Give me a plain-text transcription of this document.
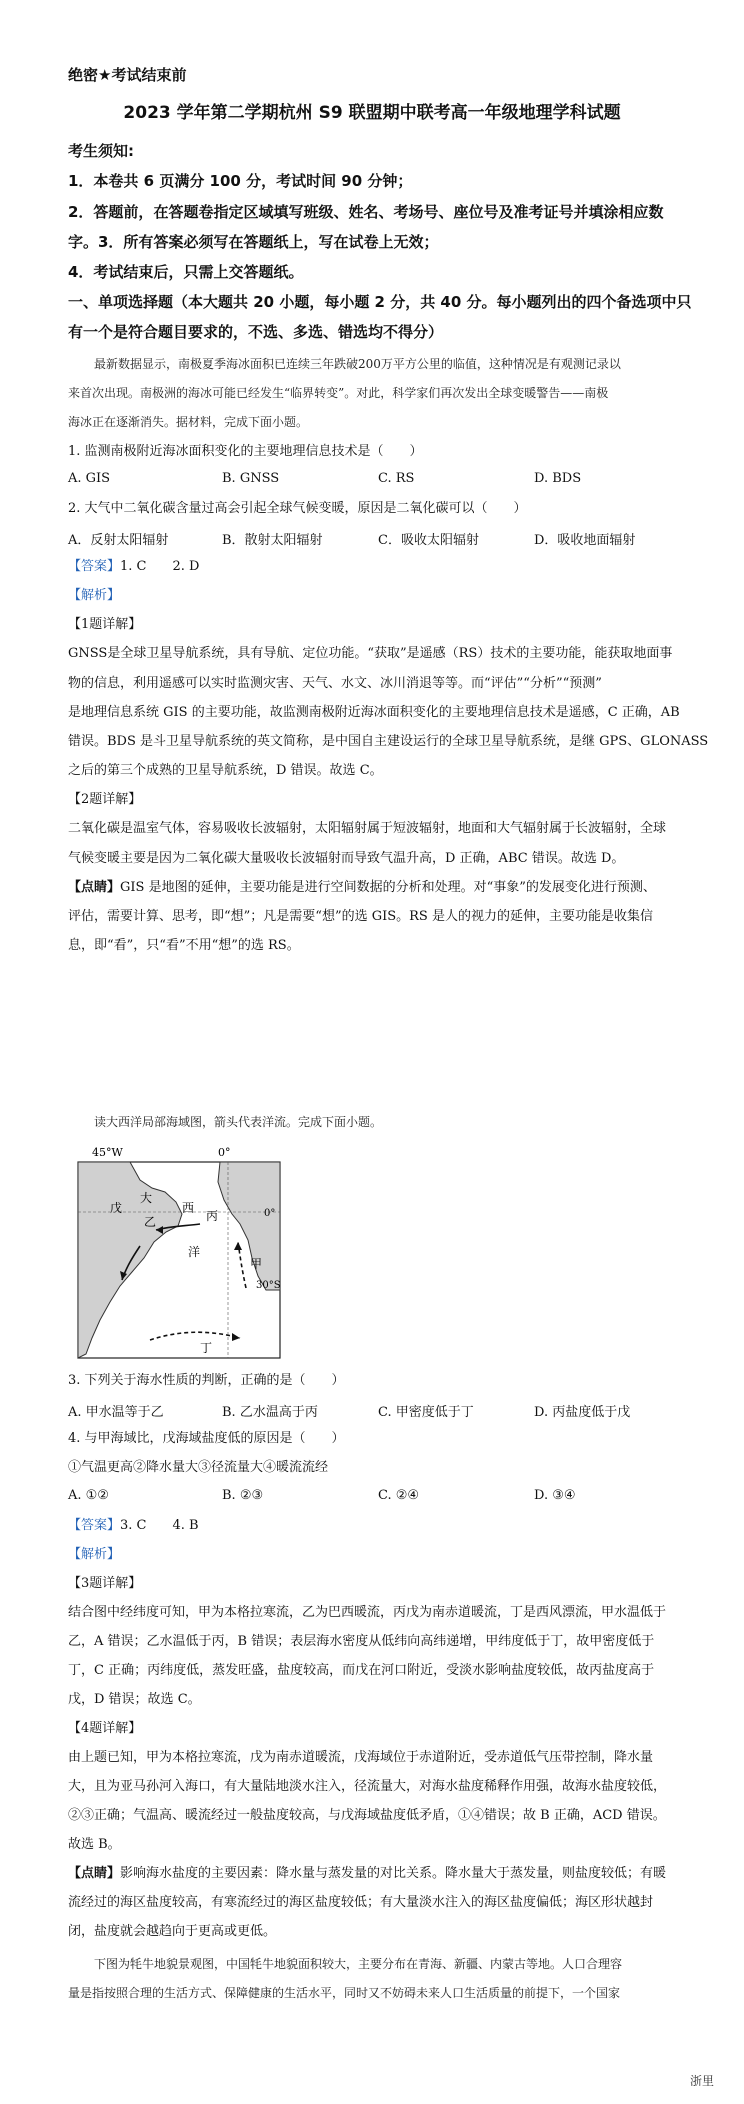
绝密★考试结束前
2023 学年第二学期杭州 S9 联盟期中联考高一年级地理学科试题
考生须知:
1．本卷共 6 页满分 100 分，考试时间 90 分钟；
2．答题前，在答题卷指定区域填写班级、姓名、考场号、座位号及准考证号并填涂相应数
字。3．所有答案必须写在答题纸上，写在试卷上无效；
4．考试结束后，只需上交答题纸。
一、单项选择题（本大题共 20 小题，每小题 2 分，共 40 分。每小题列出的四个备选项中只
有一个是符合题目要求的，不选、多选、错选均不得分）
最新数据显示，南极夏季海冰面积已连续三年跌破200万平方公里的临值，这种情况是有观测记录以
来首次出现。南极洲的海冰可能已经发生“临界转变”。对此，科学家们再次发出全球变暖警告——南极
海冰正在逐渐消失。据材料，完成下面小题。
1. 监测南极附近海冰面积变化的主要地理信息技术是（　　）
A. GIS	B. GNSS	C. RS	D. BDS
2. 大气中二氧化碳含量过高会引起全球气候变暖，原因是二氧化碳可以（　　）
A．反射太阳辐射	B．散射太阳辐射	C．吸收太阳辐射	D．吸收地面辐射
【答案】1. C　　2. D
【解析】
【1题详解】
GNSS是全球卫星导航系统，具有导航、定位功能。“获取”是遥感（RS）技术的主要功能，能获取地面事
物的信息，利用遥感可以实时监测灾害、天气、水文、冰川消退等等。而“评估”“分析”“预测”
是地理信息系统 GIS 的主要功能，故监测南极附近海冰面积变化的主要地理信息技术是遥感，C 正确，AB
错误。BDS 是斗卫星导航系统的英文简称，是中国自主建设运行的全球卫星导航系统，是继 GPS、GLONASS
之后的第三个成熟的卫星导航系统，D 错误。故选 C。
【2题详解】
二氧化碳是温室气体，容易吸收长波辐射，太阳辐射属于短波辐射，地面和大气辐射属于长波辐射，全球
气候变暖主要是因为二氧化碳大量吸收长波辐射而导致气温升高，D 正确，ABC 错误。故选 D。
【点睛】GIS 是地图的延伸，主要功能是进行空间数据的分析和处理。对“事象”的发展变化进行预测、
评估，需要计算、思考，即“想”；凡是需要“想”的选 GIS。RS 是人的视力的延伸，主要功能是收集信
息，即“看”，只“看”不用“想”的选 RS。
读大西洋局部海域图，箭头代表洋流。完成下面小题。
45°W	0°
0°
30°S
大
戊	西
丙
乙
洋
甲
丁
3. 下列关于海水性质的判断，正确的是（　　）
A. 甲水温等于乙	B. 乙水温高于丙	C. 甲密度低于丁	D. 丙盐度低于戊
4. 与甲海域比，戊海域盐度低的原因是（　　）
①气温更高②降水量大③径流量大④暖流流经
A. ①②	B. ②③	C. ②④	D. ③④
【答案】3. C　　4. B
【解析】
【3题详解】
结合图中经纬度可知，甲为本格拉寒流，乙为巴西暖流，丙戊为南赤道暖流，丁是西风漂流，甲水温低于
乙，A 错误；乙水温低于丙，B 错误；表层海水密度从低纬向高纬递增，甲纬度低于丁，故甲密度低于
丁，C 正确；丙纬度低，蒸发旺盛，盐度较高，而戊在河口附近，受淡水影响盐度较低，故丙盐度高于
戊，D 错误；故选 C。
【4题详解】
由上题已知，甲为本格拉寒流，戊为南赤道暖流，戊海域位于赤道附近，受赤道低气压带控制，降水量
大，且为亚马孙河入海口，有大量陆地淡水注入，径流量大，对海水盐度稀释作用强，故海水盐度较低，
②③正确；气温高、暖流经过一般盐度较高，与戊海域盐度低矛盾，①④错误；故 B 正确，ACD 错误。
故选 B。
【点睛】影响海水盐度的主要因素：降水量与蒸发量的对比关系。降水量大于蒸发量，则盐度较低；有暖
流经过的海区盐度较高，有寒流经过的海区盐度较低；有大量淡水注入的海区盐度偏低；海区形状越封
闭，盐度就会越趋向于更高或更低。
下图为牦牛地貌景观图，中国牦牛地貌面积较大，主要分布在青海、新疆、内蒙古等地。人口合理容
量是指按照合理的生活方式、保障健康的生活水平，同时又不妨碍未来人口生活质量的前提下，一个国家
浙里
